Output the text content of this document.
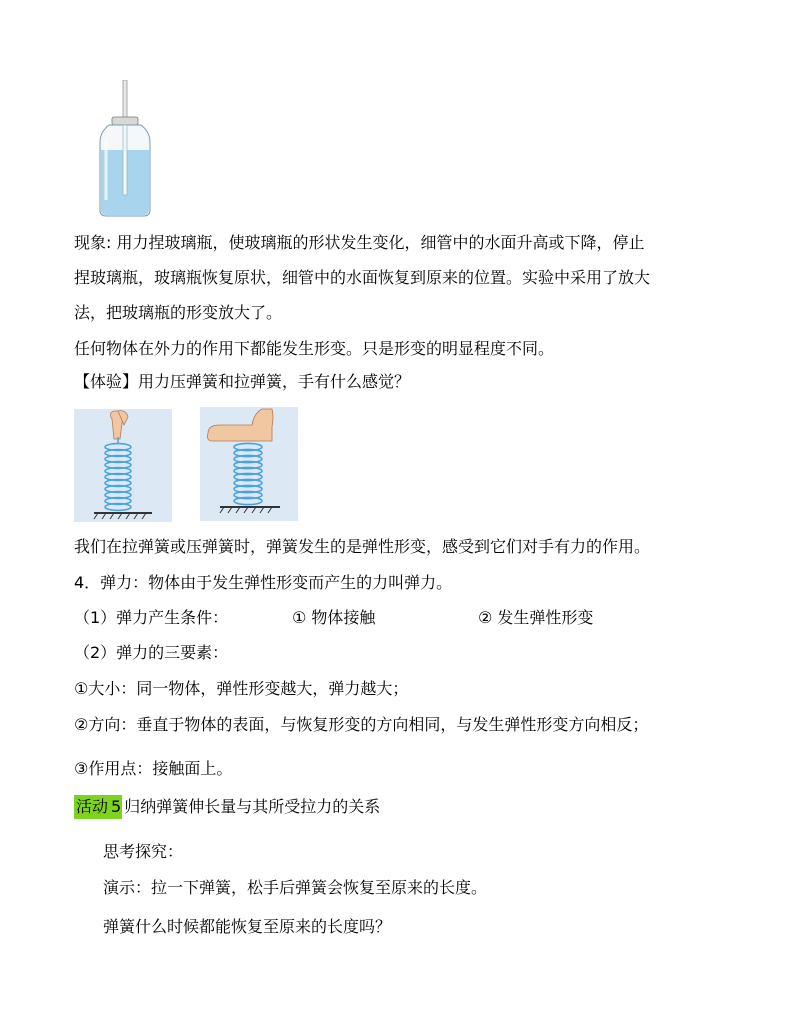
现象: 用力捏玻璃瓶，使玻璃瓶的形状发生变化，细管中的水面升高或下降，停止
捏玻璃瓶，玻璃瓶恢复原状，细管中的水面恢复到原来的位置。实验中采用了放大
法，把玻璃瓶的形变放大了。
任何物体在外力的作用下都能发生形变。只是形变的明显程度不同。
【体验】用力压弹簧和拉弹簧，手有什么感觉？
我们在拉弹簧或压弹簧时，弹簧发生的是弹性形变，感受到它们对手有力的作用。
4．弹力：物体由于发生弹性形变而产生的力叫弹力。
（1）弹力产生条件：	① 物体接触	② 发生弹性形变
（2）弹力的三要素：
①大小：同一物体，弹性形变越大，弹力越大；
②方向：垂直于物体的表面，与恢复形变的方向相同，与发生弹性形变方向相反；
③作用点：接触面上。
活动 5 归纳弹簧伸长量与其所受拉力的关系
思考探究：
演示：拉一下弹簧，松手后弹簧会恢复至原来的长度。
弹簧什么时候都能恢复至原来的长度吗？
